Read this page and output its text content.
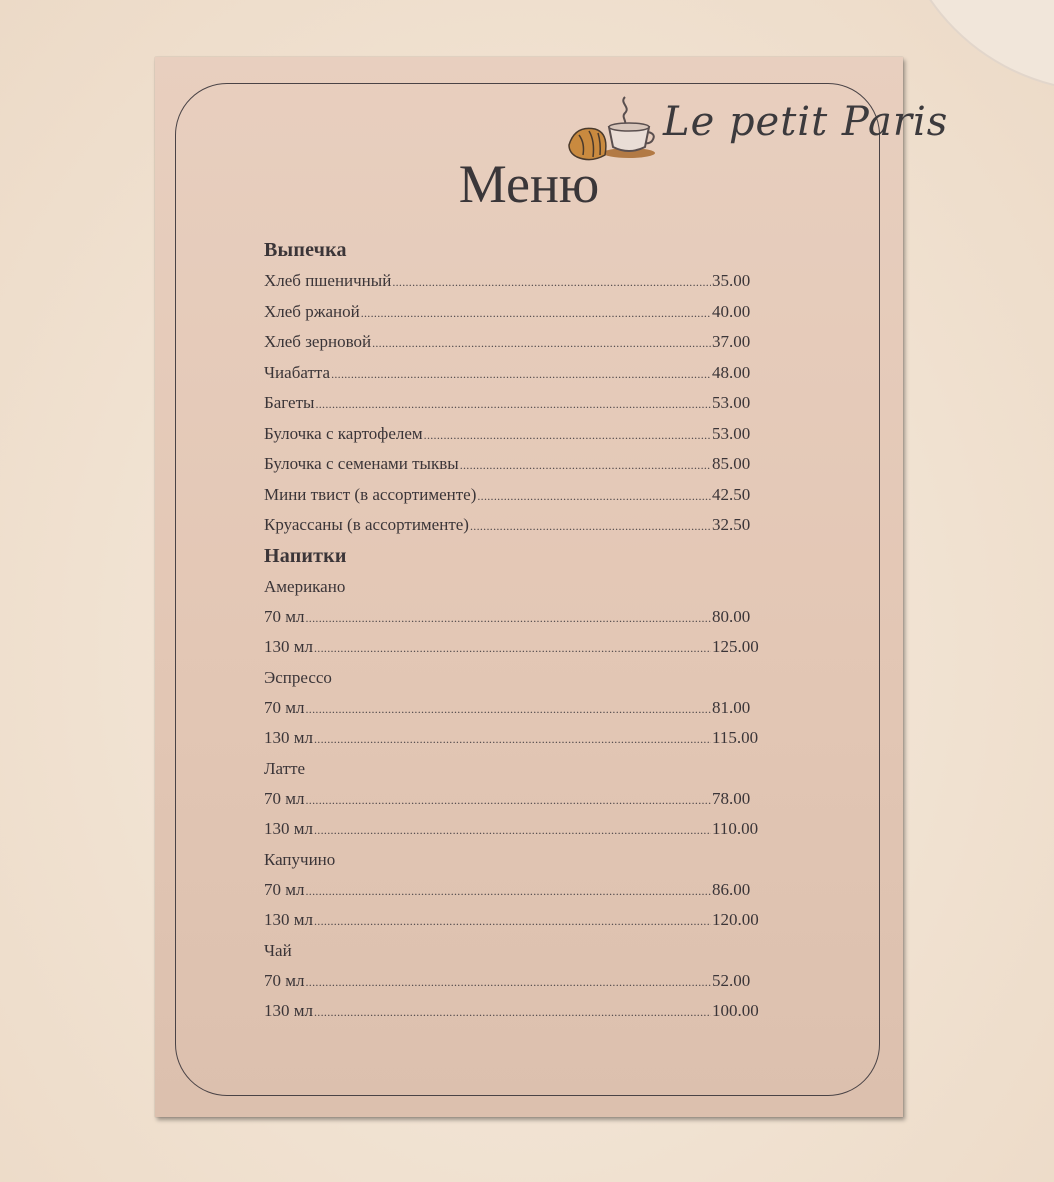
Le petit Paris
Меню
Выпечка
Хлеб пшеничный .....	35.00
Хлеб ржаной .....	40.00
Хлеб зерновой .....	37.00
Чиабатта .....	48.00
Багеты .....	53.00
Булочка с картофелем .....	53.00
Булочка с семенами тыквы .....	85.00
Мини твист (в ассортименте) .....	42.50
Круассаны (в ассортименте) .....	32.50
Напитки
Американо
70 мл .....	80.00
130 мл .....	125.00
Эспрессо
70 мл .....	81.00
130 мл .....	115.00
Латте
70 мл .....	78.00
130 мл .....	110.00
Капучино
70 мл .....	86.00
130 мл .....	120.00
Чай
70 мл .....	52.00
130 мл .....	100.00
